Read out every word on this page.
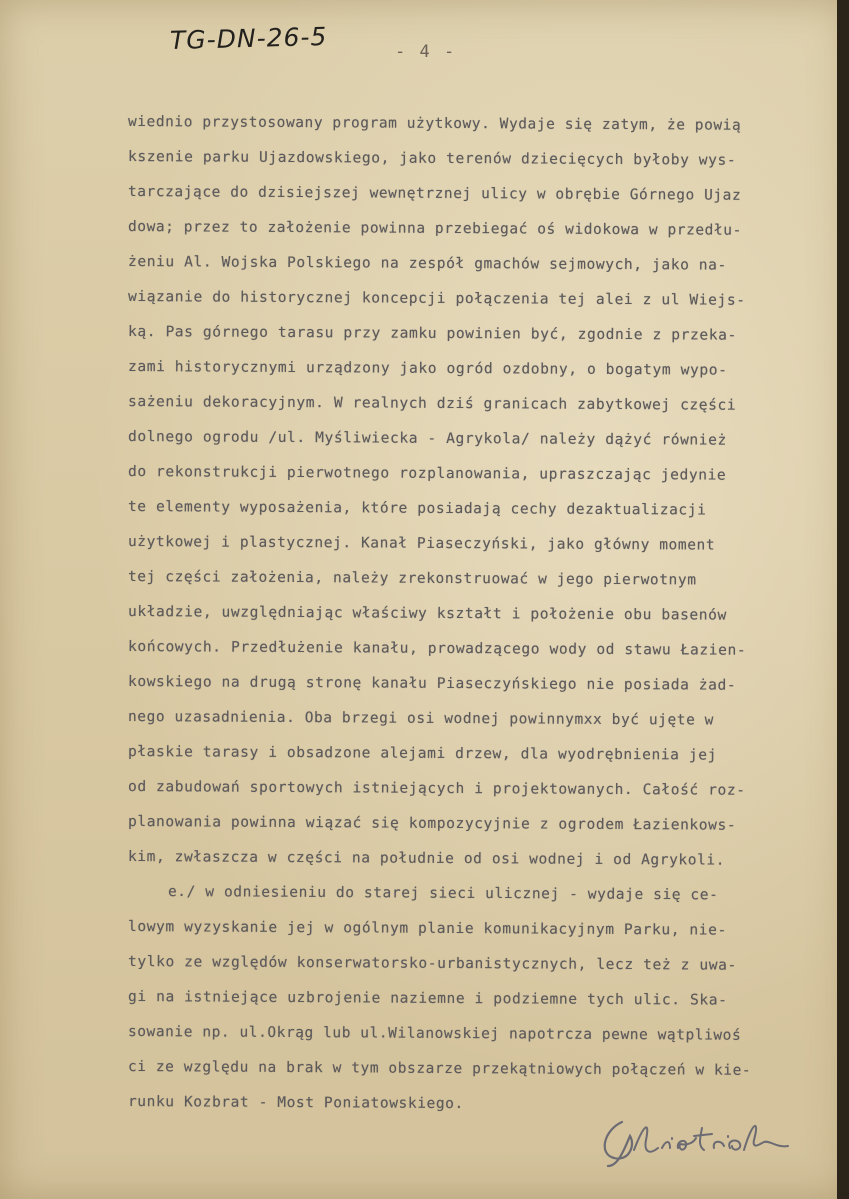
TG-DN-26-5	- 4 -
wiednio przystosowany program użytkowy. Wydaje się zatym, że powią
kszenie parku Ujazdowskiego, jako terenów dziecięcych byłoby wys-
tarczające do dzisiejszej wewnętrznej ulicy w obrębie Górnego Ujaz
dowa; przez to założenie powinna przebiegać oś widokowa w przedłu-
żeniu Al. Wojska Polskiego na zespół gmachów sejmowych, jako na-
wiązanie do historycznej koncepcji połączenia tej alei z ul Wiejs-
ką. Pas górnego tarasu przy zamku powinien być, zgodnie z przeka-
zami historycznymi urządzony jako ogród ozdobny, o bogatym wypo-
sażeniu dekoracyjnym. W realnych dziś granicach zabytkowej części
dolnego ogrodu /ul. Myśliwiecka - Agrykola/ należy dążyć również
do rekonstrukcji pierwotnego rozplanowania, upraszczając jedynie
te elementy wyposażenia, które posiadają cechy dezaktualizacji
użytkowej i plastycznej. Kanał Piaseczyński, jako główny moment
tej części założenia, należy zrekonstruować w jego pierwotnym
układzie, uwzględniając właściwy kształt i położenie obu basenów
końcowych. Przedłużenie kanału, prowadzącego wody od stawu Łazien-
kowskiego na drugą stronę kanału Piaseczyńskiego nie posiada żad-
nego uzasadnienia. Oba brzegi osi wodnej powinnymxx być ujęte w
płaskie tarasy i obsadzone alejami drzew, dla wyodrębnienia jej
od zabudowań sportowych istniejących i projektowanych. Całość roz-
planowania powinna wiązać się kompozycyjnie z ogrodem Łazienkows-
kim, zwłaszcza w części na południe od osi wodnej i od Agrykoli.
e./ w odniesieniu do starej sieci ulicznej - wydaje się ce-
lowym wyzyskanie jej w ogólnym planie komunikacyjnym Parku, nie-
tylko ze względów konserwatorsko-urbanistycznych, lecz też z uwa-
gi na istniejące uzbrojenie naziemne i podziemne tych ulic. Ska-
sowanie np. ul.Okrąg lub ul.Wilanowskiej napotrcza pewne wątpliwoś
ci ze względu na brak w tym obszarze przekątniowych połączeń w kie-
runku Kozbrat - Most Poniatowskiego.
